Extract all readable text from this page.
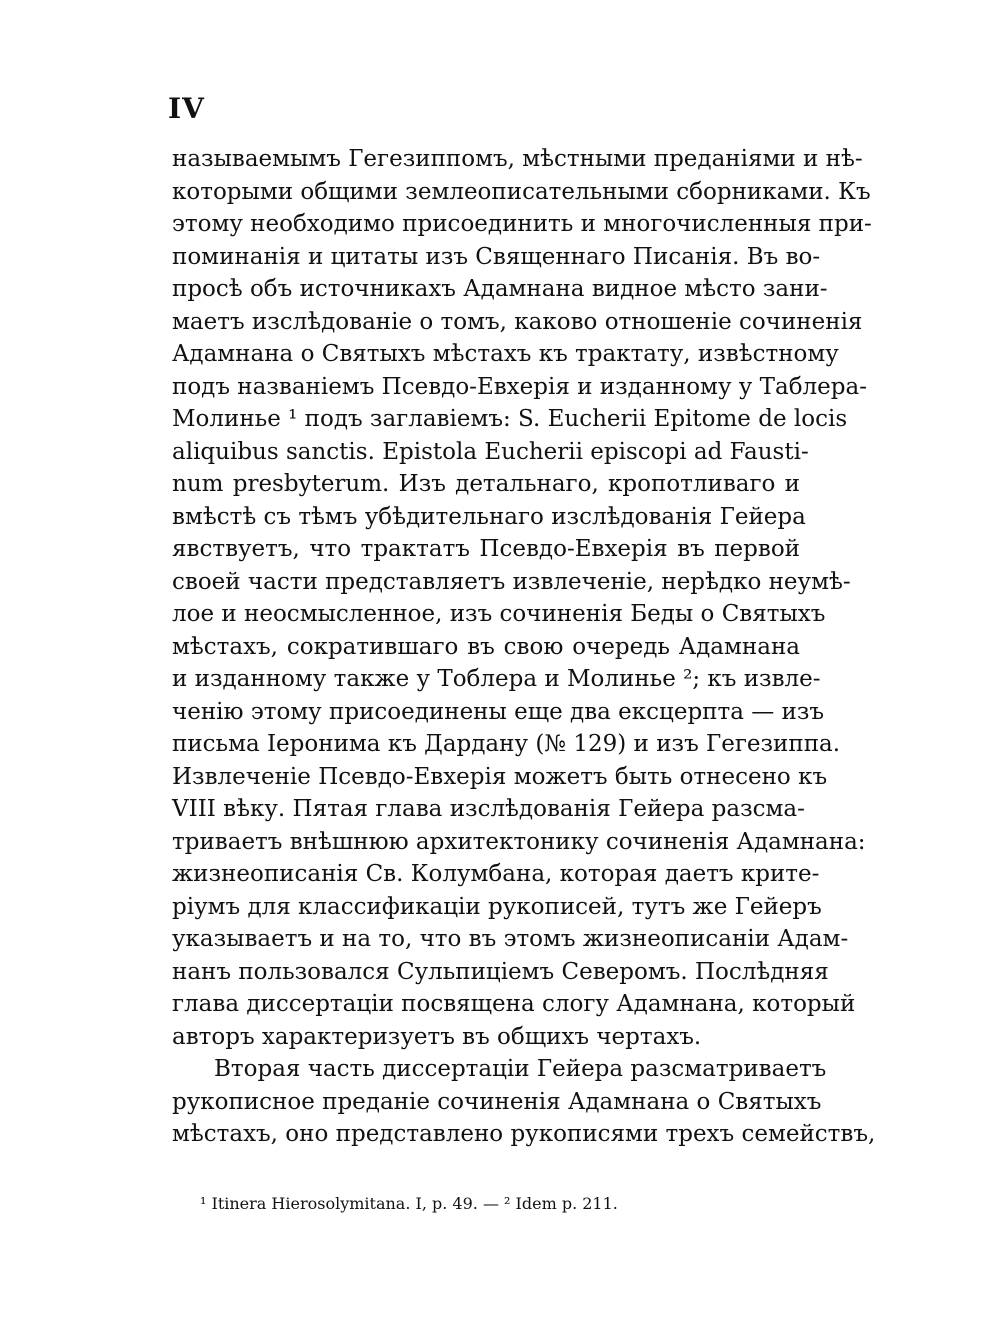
IV
называемымъ Гегезиппомъ, мѣстными преданіями и нѣ-
которыми общими землеописательными сборниками. Къ
этому необходимо присоединить и многочисленныя при-
поминанія и цитаты изъ Священнаго Писанія. Въ во-
просѣ объ источникахъ Адамнана видное мѣсто зани-
маетъ изслѣдованіе о томъ, каково отношеніе сочиненія
Адамнана о Святыхъ мѣстахъ къ трактату, извѣстному
подъ названіемъ Псевдо-Евхерія и изданному у Таблера-
Молинье ¹ подъ заглавіемъ: S. Eucherii Epitome de locis
aliquibus sanctis. Epistola Eucherii episcopi ad Fausti-
num presbyterum. Изъ детальнаго, кропотливаго и
вмѣстѣ съ тѣмъ убѣдительнаго изслѣдованія Гейера
явствуетъ, что трактатъ Псевдо-Евхерія въ первой
своей части представляетъ извлеченіе, нерѣдко неумѣ-
лое и неосмысленное, изъ сочиненія Беды о Святыхъ
мѣстахъ, сократившаго въ свою очередь Адамнана
и изданному также у Тоблера и Молинье ²; къ извле-
ченію этому присоединены еще два ексцерпта — изъ
письма Іеронима къ Дардану (№ 129) и изъ Гегезиппа.
Извлеченіе Псевдо-Евхерія можетъ быть отнесено къ
VIII вѣку. Пятая глава изслѣдованія Гейера разсма-
триваетъ внѣшнюю архитектонику сочиненія Адамнана:
жизнеописанія Св. Колумбана, которая даетъ крите-
ріумъ для классификаціи рукописей, тутъ же Гейеръ
указываетъ и на то, что въ этомъ жизнеописаніи Адам-
нанъ пользовался Сульпиціемъ Северомъ. Послѣдняя
глава диссертаціи посвящена слогу Адамнана, который
авторъ характеризуетъ въ общихъ чертахъ.
Вторая часть диссертаціи Гейера разсматриваетъ
рукописное преданіе сочиненія Адамнана о Святыхъ
мѣстахъ, оно представлено рукописями трехъ семействъ,
¹ Itinera Hierosolymitana. I, p. 49. — ² Idem p. 211.
